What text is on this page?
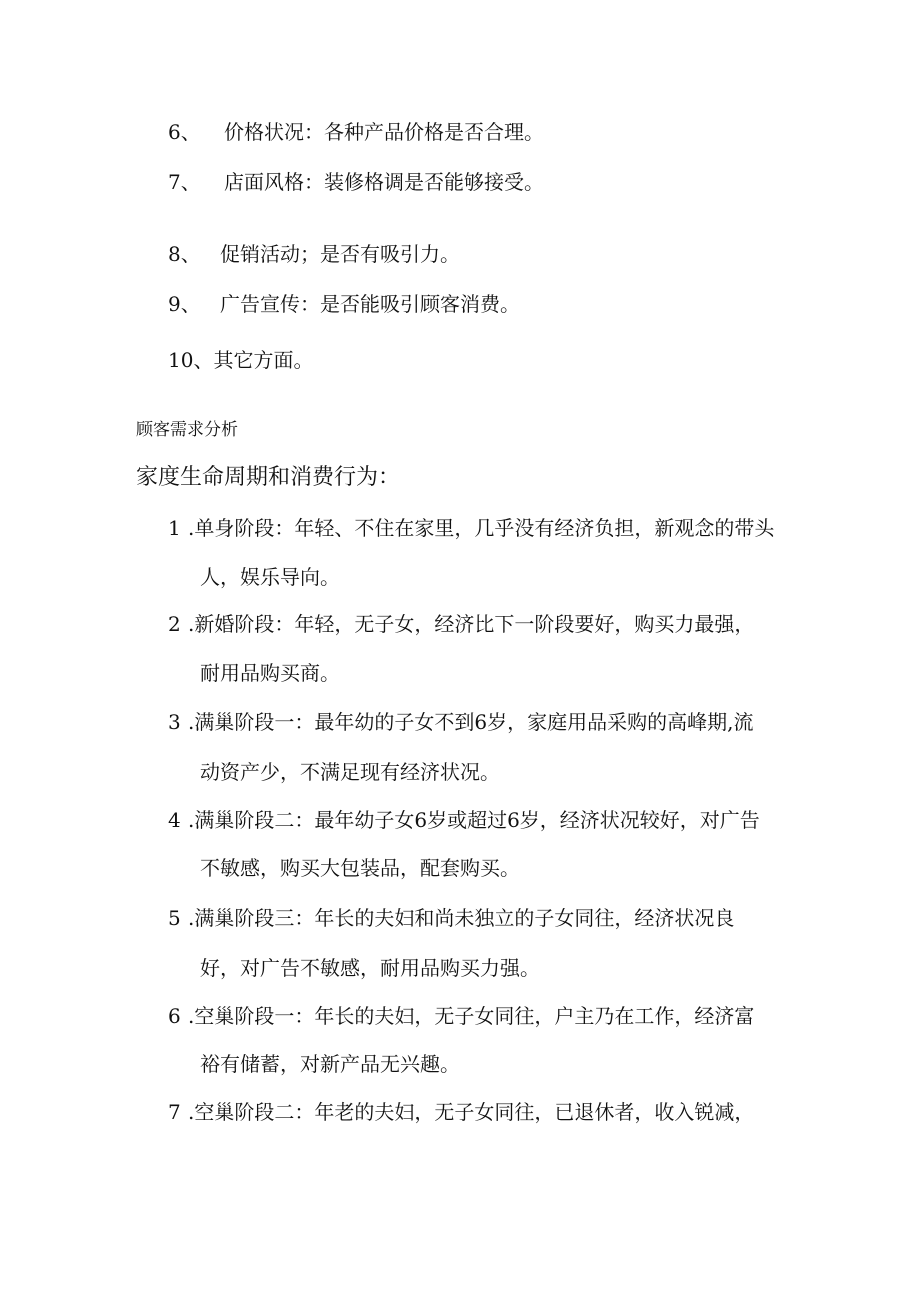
6、 价格状况：各种产品价格是否合理。
7、 店面风格：装修格调是否能够接受。
8、 促销活动；是否有吸引力。
9、 广告宣传：是否能吸引顾客消费。
10、其它方面。
顾客需求分析
家度生命周期和消费行为：
1 .单身阶段：年轻、不住在家里，几乎没有经济负担，新观念的带头
人，娱乐导向。
2 .新婚阶段：年轻，无子女，经济比下一阶段要好，购买力最强，
耐用品购买商。
3 .满巢阶段一：最年幼的子女不到6岁，家庭用品采购的高峰期,流
动资产少，不满足现有经济状况。
4 .满巢阶段二：最年幼子女6岁或超过6岁，经济状况较好，对广告
不敏感，购买大包装品，配套购买。
5 .满巢阶段三：年长的夫妇和尚未独立的子女同往，经济状况良
好，对广告不敏感，耐用品购买力强。
6 .空巢阶段一：年长的夫妇，无子女同往，户主乃在工作，经济富
裕有储蓄，对新产品无兴趣。
7 .空巢阶段二：年老的夫妇，无子女同往，已退休者，收入锐减，
